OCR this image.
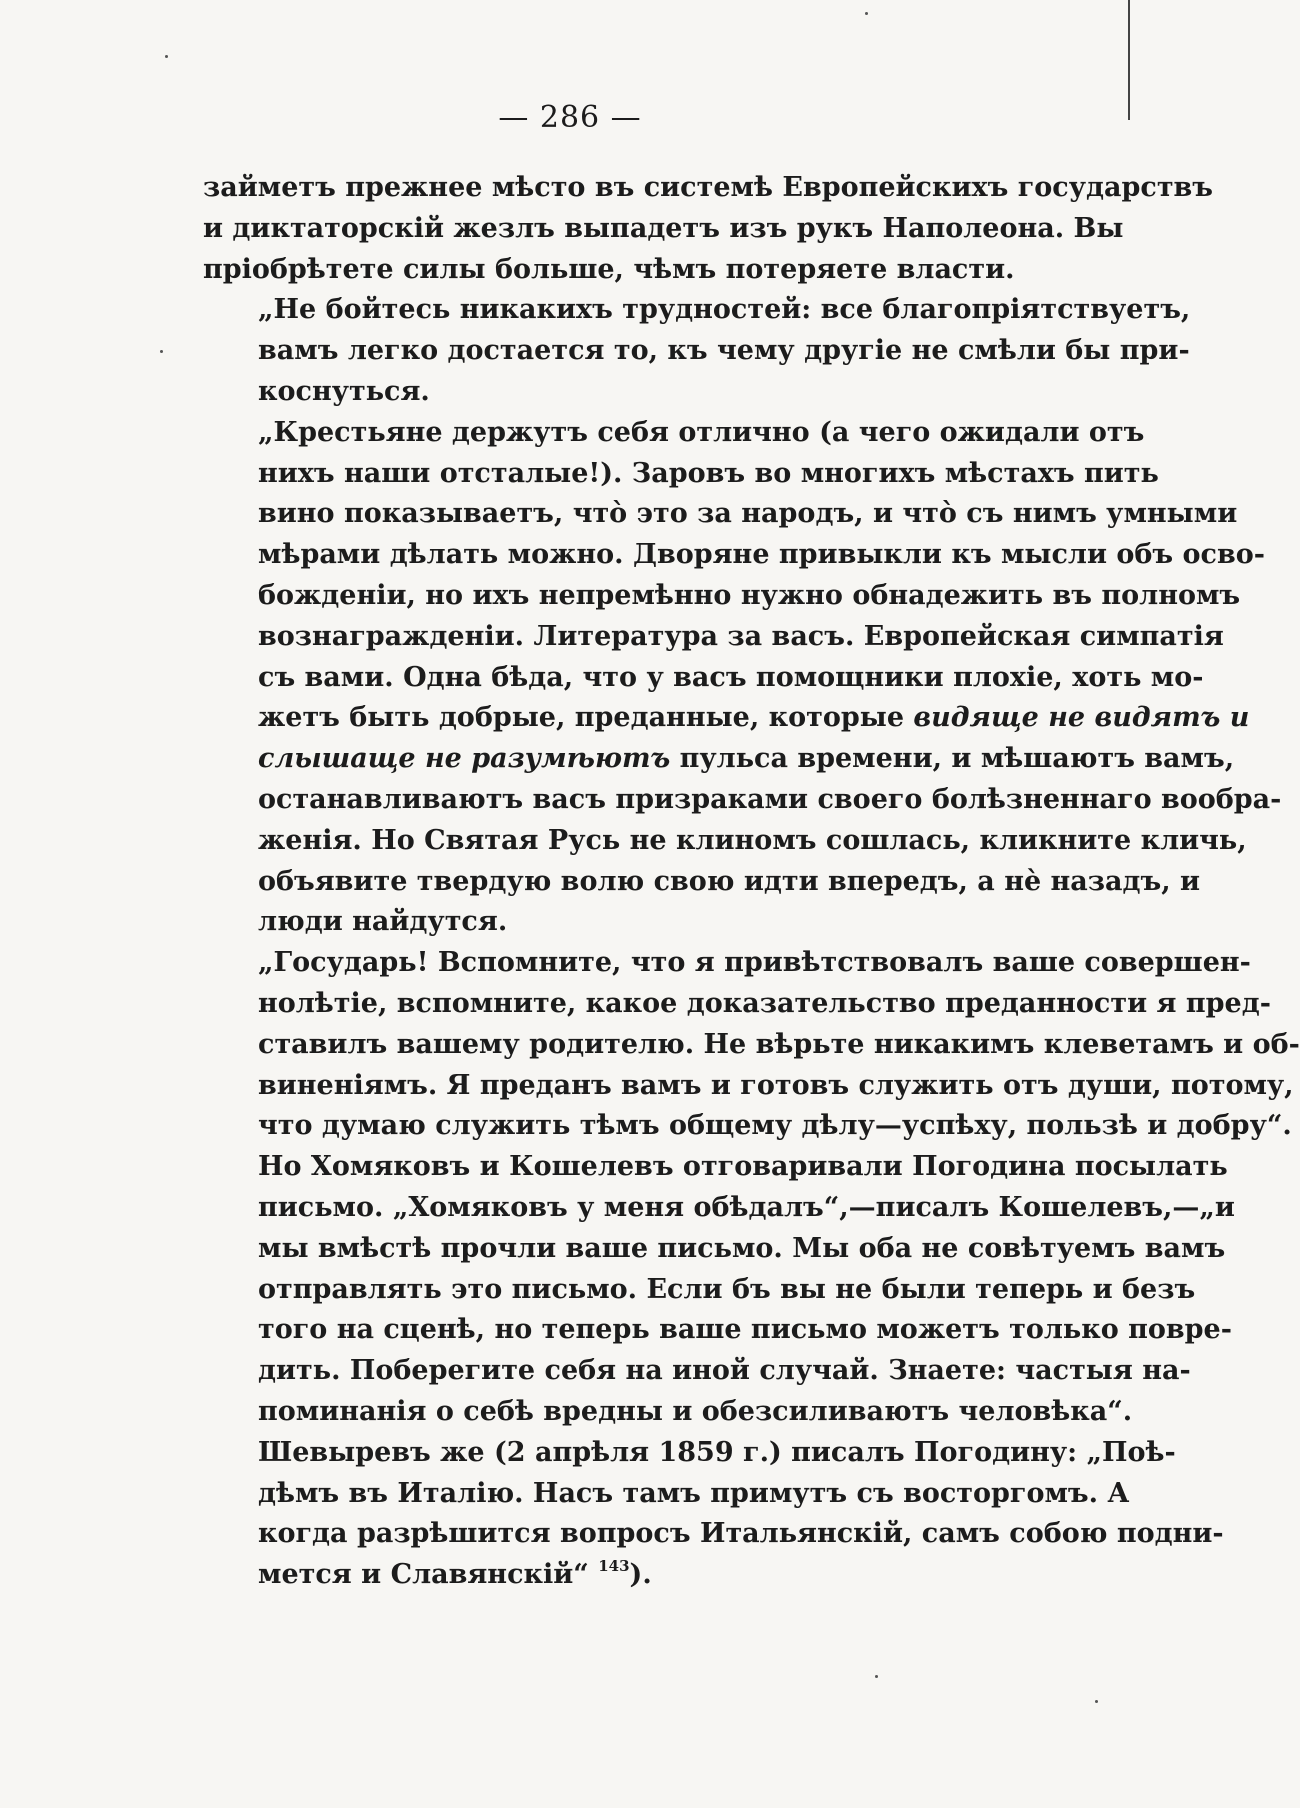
— 286 —

займетъ прежнее мѣсто въ системѣ Европейскихъ государствъ
и диктаторскій жезлъ выпадетъ изъ рукъ Наполеона. Вы
пріобрѣтете силы больше, чѣмъ потеряете власти.

„Не бойтесь никакихъ трудностей: все благопріятствуетъ,
вамъ легко достается то, къ чему другіе не смѣли бы при-
коснуться.

„Крестьяне держутъ себя отлично (а чего ожидали отъ
нихъ наши отсталые!). Заровъ во многихъ мѣстахъ пить
вино показываетъ, что̀ это за народъ, и что̀ съ нимъ умными
мѣрами дѣлать можно. Дворяне привыкли къ мысли объ осво-
божденіи, но ихъ непремѣнно нужно обнадежить въ полномъ
вознагражденіи. Литература за васъ. Европейская симпатія
съ вами. Одна бѣда, что у васъ помощники плохіе, хоть мо-
жетъ быть добрые, преданные, которые видяще не видятъ и
слышаще не разумѣютъ пульса времени, и мѣшаютъ вамъ,
останавливаютъ васъ призраками своего болѣзненнаго вообра-
женія. Но Святая Русь не клиномъ сошлась, кликните кличь,
объявите твердую волю свою идти впередъ, а нѐ назадъ, и
люди найдутся.

„Государь! Вспомните, что я привѣтствовалъ ваше совершен-
нолѣтіе, вспомните, какое доказательство преданности я пред-
ставилъ вашему родителю. Не вѣрьте никакимъ клеветамъ и об-
виненіямъ. Я преданъ вамъ и готовъ служить отъ души, потому,
что думаю служить тѣмъ общему дѣлу—успѣху, пользѣ и добру“.

Но Хомяковъ и Кошелевъ отговаривали Погодина посылать
письмо. „Хомяковъ у меня обѣдалъ“,—писалъ Кошелевъ,—„и
мы вмѣстѣ прочли ваше письмо. Мы оба не совѣтуемъ вамъ
отправлять это письмо. Если бъ вы не были теперь и безъ
того на сценѣ, но теперь ваше письмо можетъ только повре-
дить. Поберегите себя на иной случай. Знаете: частыя на-
поминанія о себѣ вредны и обезсиливаютъ человѣка“.

Шевыревъ же (2 апрѣля 1859 г.) писалъ Погодину: „Поѣ-
дѣмъ въ Италію. Насъ тамъ примутъ съ восторгомъ. А
когда разрѣшится вопросъ Итальянскій, самъ собою подни-
мется и Славянскій“ $^{143}$).
